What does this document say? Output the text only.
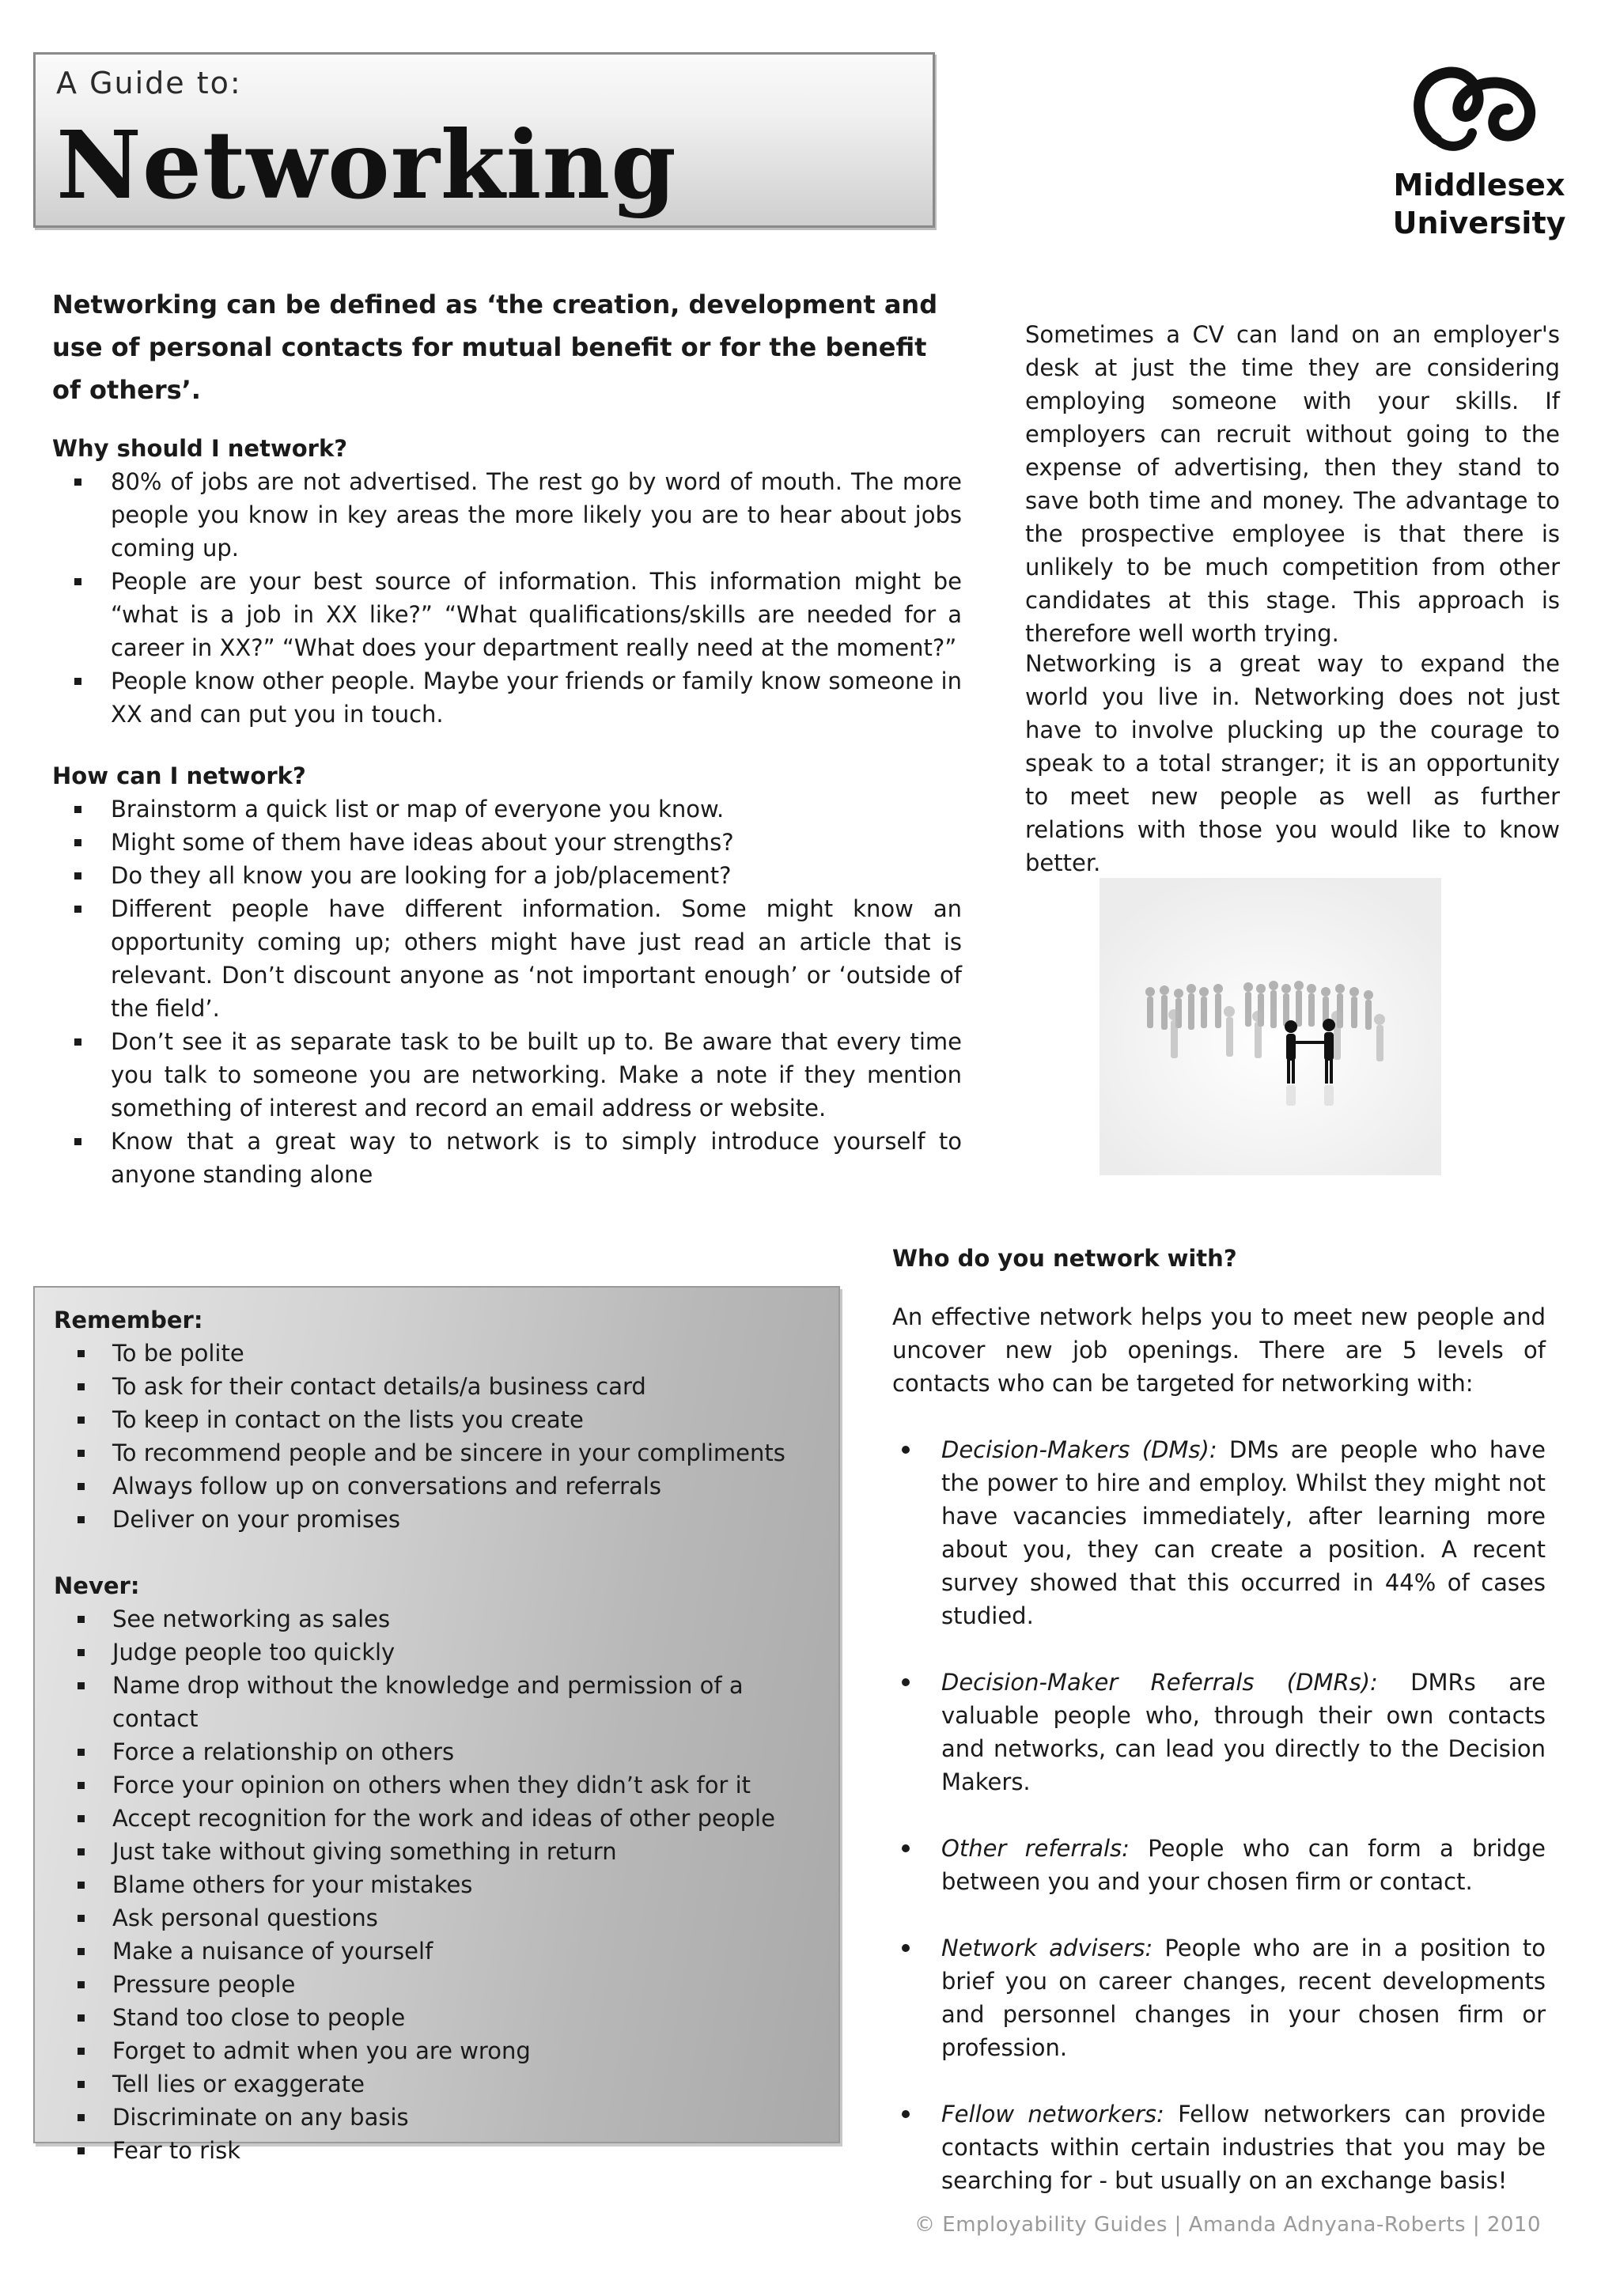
A Guide to:
Networking	Middlesex
University
Networking can be defined as ‘the creation, development and use of personal contacts for mutual benefit or for the benefit of others’.
Why should I network?
80% of jobs are not advertised. The rest go by word of mouth. The more people you know in key areas the more likely you are to hear about jobs coming up.
People are your best source of information. This information might be “what is a job in XX like?” “What qualifications/skills are needed for a career in XX?” “What does your department really need at the moment?”
People know other people. Maybe your friends or family know someone in XX and can put you in touch.
How can I network?
Brainstorm a quick list or map of everyone you know.
Might some of them have ideas about your strengths?
Do they all know you are looking for a job/placement?
Different people have different information. Some might know an opportunity coming up; others might have just read an article that is relevant. Don’t discount anyone as ‘not important enough’ or ‘outside of the field’.
Don’t see it as separate task to be built up to. Be aware that every time you talk to someone you are networking. Make a note if they mention something of interest and record an email address or website.
Know that a great way to network is to simply introduce yourself to anyone standing alone
Sometimes a CV can land on an employer's desk at just the time they are considering employing someone with your skills. If employers can recruit without going to the expense of advertising, then they stand to save both time and money. The advantage to the prospective employee is that there is unlikely to be much competition from other candidates at this stage. This approach is therefore well worth trying.
Networking is a great way to expand the world you live in. Networking does not just have to involve plucking up the courage to speak to a total stranger; it is an opportunity to meet new people as well as further relations with those you would like to know better.
Remember:
To be polite
To ask for their contact details/a business card
To keep in contact on the lists you create
To recommend people and be sincere in your compliments
Always follow up on conversations and referrals
Deliver on your promises
Never:
See networking as sales
Judge people too quickly
Name drop without the knowledge and permission of a contact
Force a relationship on others
Force your opinion on others when they didn’t ask for it
Accept recognition for the work and ideas of other people
Just take without giving something in return
Blame others for your mistakes
Ask personal questions
Make a nuisance of yourself
Pressure people
Stand too close to people
Forget to admit when you are wrong
Tell lies or exaggerate
Discriminate on any basis
Fear to risk
Who do you network with?
An effective network helps you to meet new people and uncover new job openings. There are 5 levels of contacts who can be targeted for networking with:
Decision-Makers (DMs): DMs are people who have the power to hire and employ. Whilst they might not have vacancies immediately, after learning more about you, they can create a position. A recent survey showed that this occurred in 44% of cases studied.
Decision-Maker Referrals (DMRs): DMRs are valuable people who, through their own contacts and networks, can lead you directly to the Decision Makers.
Other referrals: People who can form a bridge between you and your chosen firm or contact.
Network advisers: People who are in a position to brief you on career changes, recent developments and personnel changes in your chosen firm or profession.
Fellow networkers: Fellow networkers can provide contacts within certain industries that you may be searching for - but usually on an exchange basis!
© Employability Guides | Amanda Adnyana-Roberts | 2010
